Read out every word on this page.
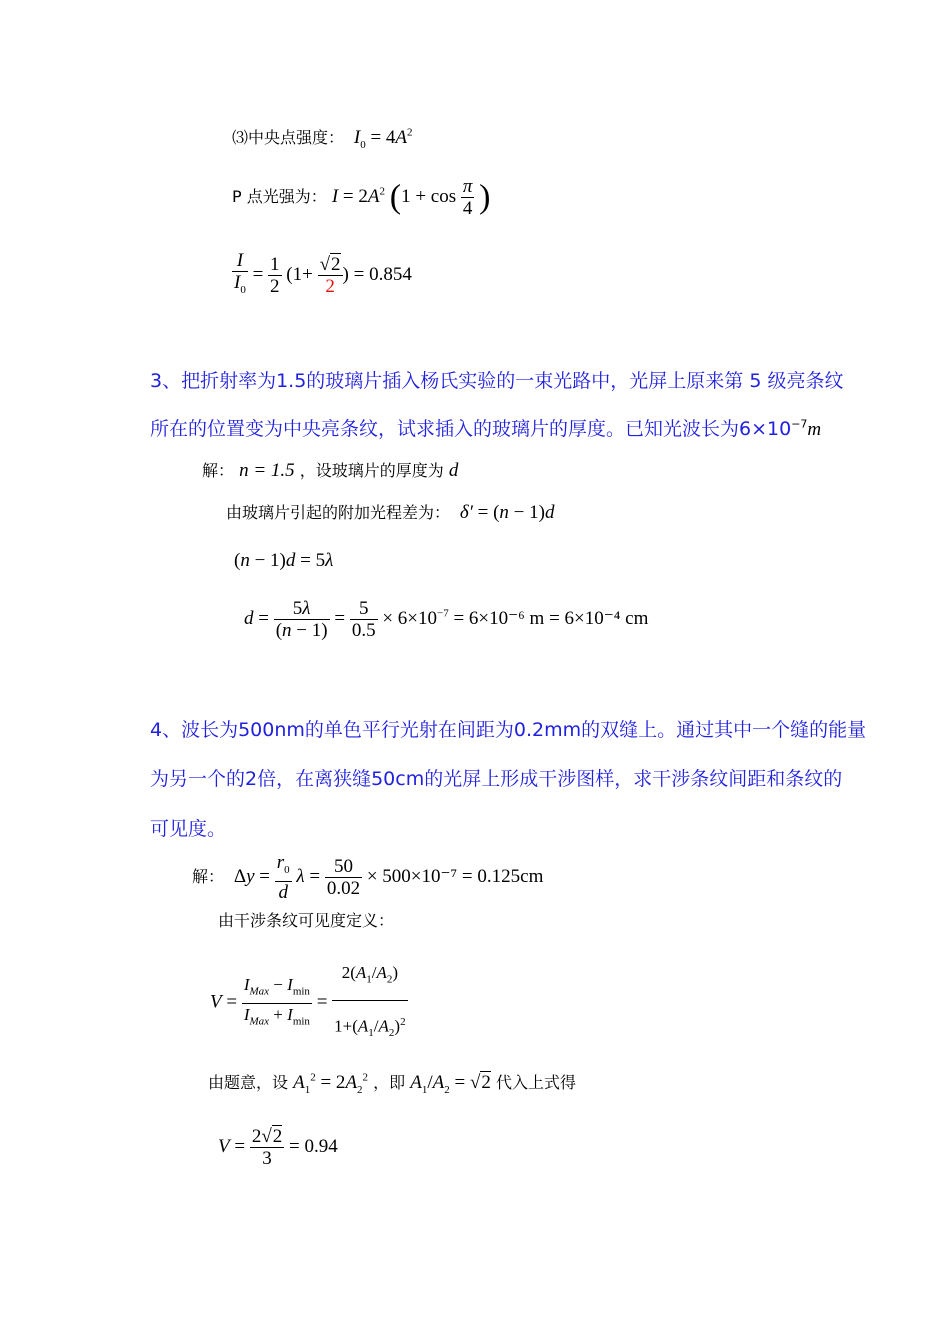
⑶中央点强度： $I_0 = 4A^2$
P 点光强为： $I = 2A^2$ ($1 + \cos \frac{\pi}{4}$ )
$\frac{I}{I_0} = \frac{1}{2} (1+ \frac{√2}{2}$ ) = 0.854
3、把折射率为1.5的玻璃片插入杨氏实验的一束光路中，光屏上原来第 5 级亮条纹
所在的位置变为中央亮条纹，试求插入的玻璃片的厚度。已知光波长为$6\times 10^{-7}m$
解： n = 1.5 ，设玻璃片的厚度为 d
由玻璃片引起的附加光程差为： δ′ = (n − 1)d
(n − 1)d = 5λ
$d = \frac{5\lambda}{(n - 1)} = \frac{5}{0.5} \times 6\times 10^{-7} = 6\times 10^{-6}$ m = 6×10⁻⁴ cm
4、波长为500nm的单色平行光射在间距为0.2mm的双缝上。通过其中一个缝的能量
为另一个的2倍，在离狭缝50cm的光屏上形成干涉图样，求干涉条纹间距和条纹的
可见度。
解：  $\Delta y = \frac{r_0}{d}$ $\lambda = \frac{50}{0.02} \times 500\times 10^{-7} = 0.125cm$
由干涉条纹可见度定义：
$V = \frac{I_{Max} - I_{min}}{I_{Max} + I_{min}} = \frac{2(A_1/A_2)}{1+(A_1/A_2)^2}$
由题意，设 $A_1^2 = 2A_2^2$ ，即 $A_1/A_2 = √2$ 代入上式得
$V = \frac{2√2}{3} = 0.94$
